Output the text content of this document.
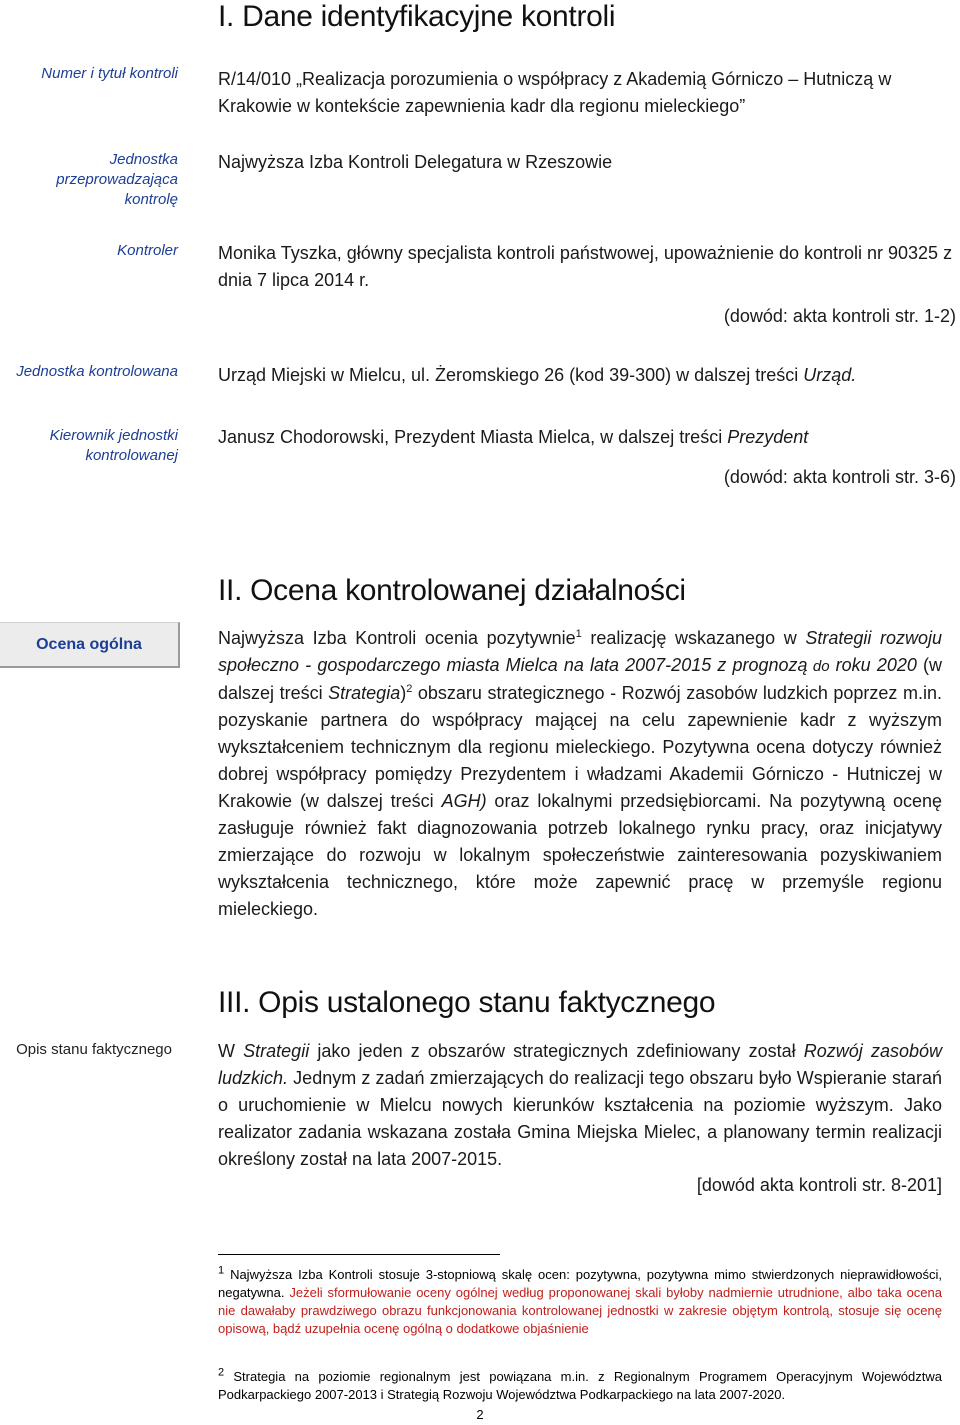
I. Dane identyfikacyjne kontroli
Numer i tytuł kontroli R/14/010 „Realizacja porozumienia o współpracy z Akademią Górniczo – Hutniczą w Krakowie w kontekście zapewnienia kadr dla regionu mieleckiego”
Jednostka przeprowadzająca kontrolę
Najwyższa Izba Kontroli Delegatura w Rzeszowie
Kontroler Monika Tyszka, główny specjalista kontroli państwowej, upoważnienie do kontroli nr 90325 z dnia 7 lipca 2014 r.
(dowód: akta kontroli str. 1-2)
Jednostka kontrolowana Urząd Miejski w Mielcu, ul. Żeromskiego 26 (kod 39-300) w dalszej treści Urząd.
Kierownik jednostki kontrolowanej
Janusz Chodorowski, Prezydent Miasta Mielca, w dalszej treści Prezydent
(dowód: akta kontroli str. 3-6)
II. Ocena kontrolowanej działalności
Ocena ogólna	Najwyższa Izba Kontroli ocenia pozytywnie$^1$ realizację wskazanego w Strategii rozwoju społeczno - gospodarczego miasta Mielca na lata 2007-2015 z prognozą do roku 2020 (w dalszej treści Strategia)$^2$ obszaru strategicznego - Rozwój zasobów ludzkich poprzez m.in. pozyskanie partnera do współpracy mającej na celu zapewnienie kadr z wyższym wykształceniem technicznym dla regionu mieleckiego. Pozytywna ocena dotyczy również dobrej współpracy pomiędzy Prezydentem i władzami Akademii Górniczo - Hutniczej w Krakowie (w dalszej treści AGH) oraz lokalnymi przedsiębiorcami. Na pozytywną ocenę zasługuje również fakt diagnozowania potrzeb lokalnego rynku pracy, oraz inicjatywy zmierzające do rozwoju w lokalnym społeczeństwie zainteresowania pozyskiwaniem wykształcenia technicznego, które może zapewnić pracę w przemyśle regionu mieleckiego.
III. Opis ustalonego stanu faktycznego
Opis stanu faktycznego	W Strategii jako jeden z obszarów strategicznych zdefiniowany został Rozwój zasobów ludzkich. Jednym z zadań zmierzających do realizacji tego obszaru było Wspieranie starań o uruchomienie w Mielcu nowych kierunków kształcenia na poziomie wyższym. Jako realizator zadania wskazana została Gmina Miejska Mielec, a planowany termin realizacji określony został na lata 2007-2015.
[dowód akta kontroli str. 8-201]
$^1$ Najwyższa Izba Kontroli stosuje 3-stopniową skalę ocen: pozytywna, pozytywna mimo stwierdzonych nieprawidłowości, negatywna. Jeżeli sformułowanie oceny ogólnej według proponowanej skali byłoby nadmiernie utrudnione, albo taka ocena nie dawałaby prawdziwego obrazu funkcjonowania kontrolowanej jednostki w zakresie objętym kontrolą, stosuje się ocenę opisową, bądź uzupełnia ocenę ogólną o dodatkowe objaśnienie
$^2$ Strategia na poziomie regionalnym jest powiązana m.in. z Regionalnym Programem Operacyjnym Województwa Podkarpackiego 2007-2013 i Strategią Rozwoju Województwa Podkarpackiego na lata 2007-2020.
2
